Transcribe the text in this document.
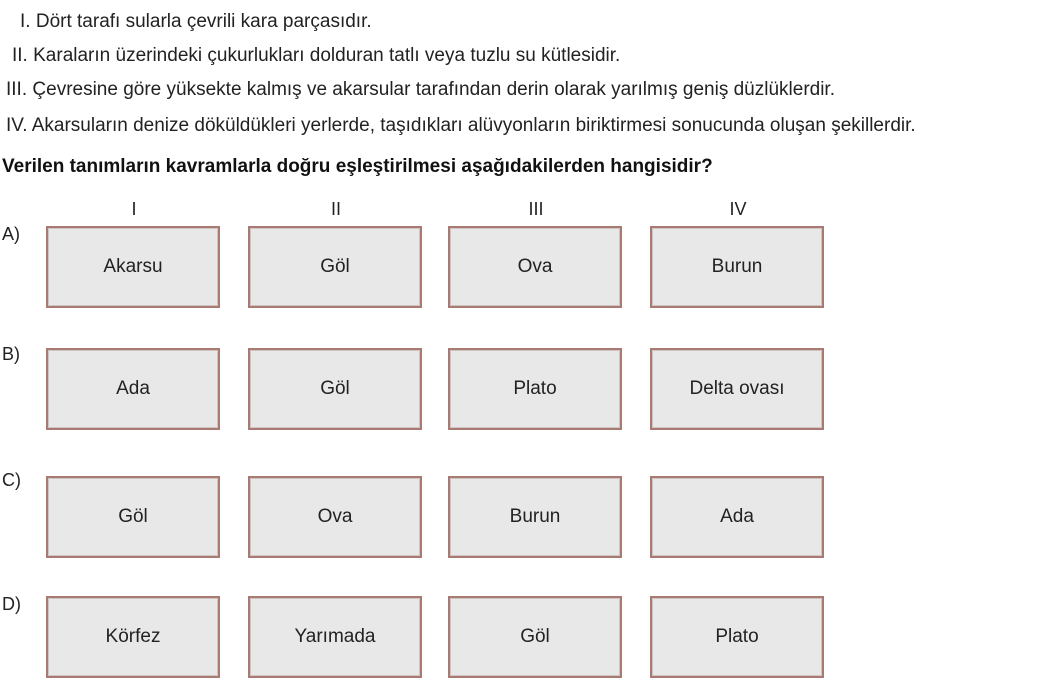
I. Dört tarafı sularla çevrili kara parçasıdır.
II. Karaların üzerindeki çukurlukları dolduran tatlı veya tuzlu su kütlesidir.
III. Çevresine göre yüksekte kalmış ve akarsular tarafından derin olarak yarılmış geniş düzlüklerdir.
IV. Akarsuların denize döküldükleri yerlerde, taşıdıkları alüvyonların biriktirmesi sonucunda oluşan şekillerdir.
Verilen tanımların kavramlarla doğru eşleştirilmesi aşağıdakilerden hangisidir?
I	II	III	IV
A)
Akarsu	Göl	Ova	Burun
B)
Ada	Göl	Plato	Delta ovası
C)
Göl	Ova	Burun	Ada
D)
Körfez	Yarımada	Göl	Plato
